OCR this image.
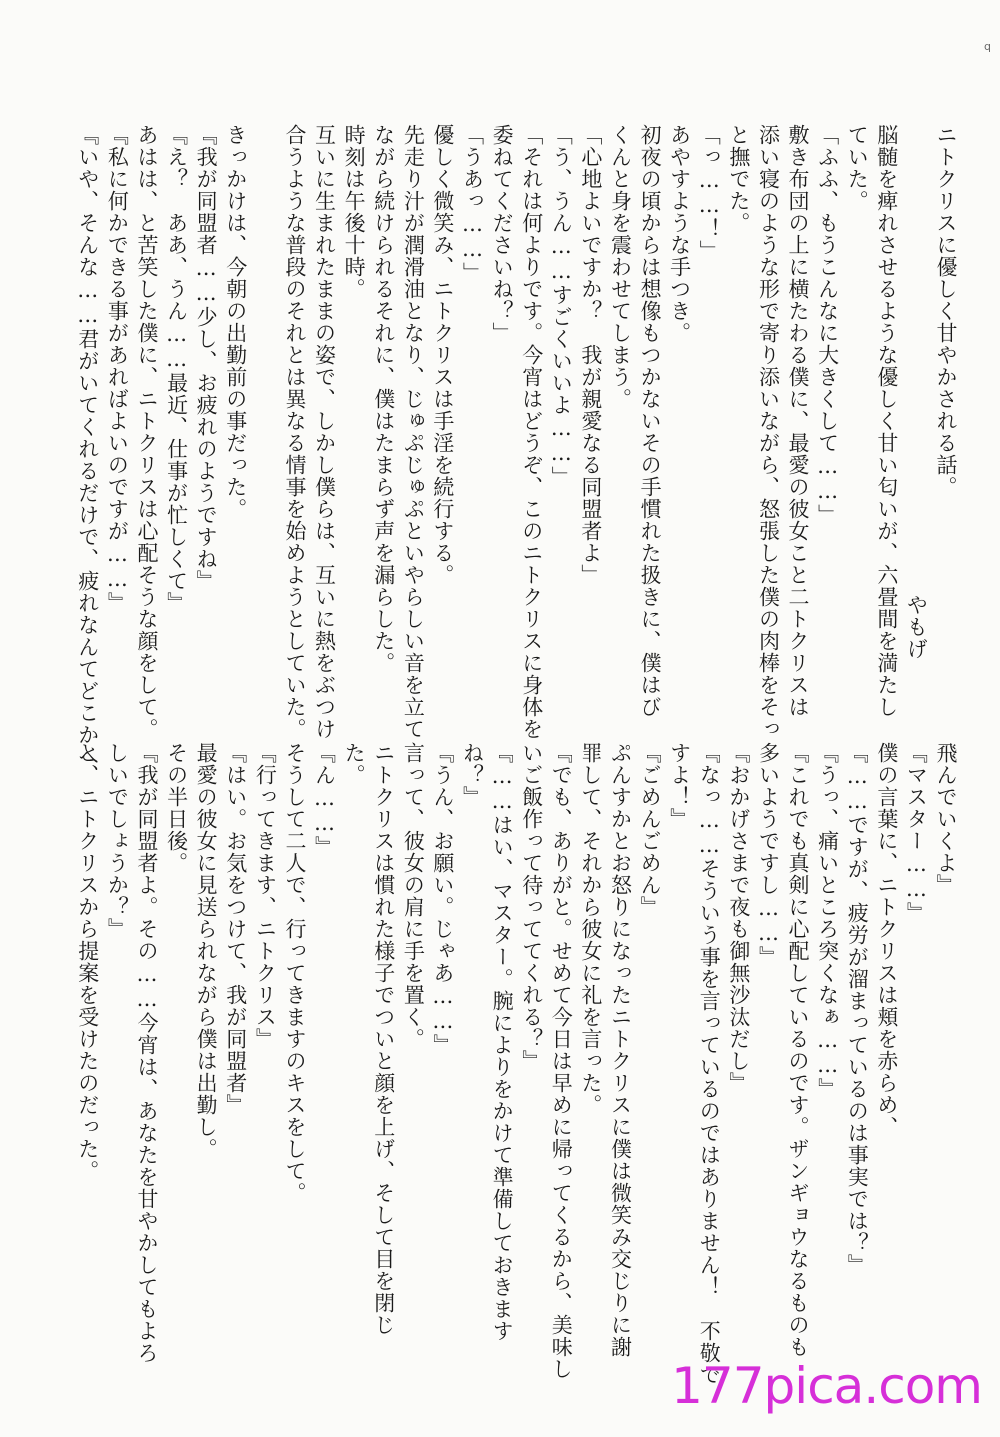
ニトクリスに優しく甘やかされる話。
やもげ
脳髄を痺れさせるような優しく甘い匂いが、六畳間を満たし
ていた。
「ふふ、もうこんなに大きくして……」
敷き布団の上に横たわる僕に、最愛の彼女こと二トクリスは
添い寝のような形で寄り添いながら、怒張した僕の肉棒をそっ
と撫でた。
「っ……！」
あやすような手つき。
初夜の頃からは想像もつかないその手慣れた扱きに、僕はび
くんと身を震わせてしまう。
「心地よいですか？　我が親愛なる同盟者よ」
「う、うん……すごくいいよ……」
「それは何よりです。今宵はどうぞ、このニトクリスに身体を
委ねてくださいね？」
「うあっ……」
優しく微笑み、ニトクリスは手淫を続行する。
先走り汁が潤滑油となり、じゅぷじゅぷといやらしい音を立て
ながら続けられるそれに、僕はたまらず声を漏らした。
時刻は午後十時。
互いに生まれたままの姿で、しかし僕らは、互いに熱をぶつけ
合うような普段のそれとは異なる情事を始めようとしていた。

きっかけは、今朝の出勤前の事だった。
『我が同盟者……少し、お疲れのようですね』
『え？　ああ、うん……最近、仕事が忙しくて』
あはは、と苦笑した僕に、ニトクリスは心配そうな顔をして。
『私に何かできる事があればよいのですが……』
『いや、そんな……君がいてくれるだけで、疲れなんてどこかへ
飛んでいくよ』
『マスター……』
僕の言葉に、ニトクリスは頬を赤らめ、
『……ですが、疲労が溜まっているのは事実では？』
『うっ、痛いところ突くなぁ……』
『これでも真剣に心配しているのです。ザンギョウなるものも
多いようですし……』
『おかげさまで夜も御無沙汰だし』
『なっ……そういう事を言っているのではありません！　不敬で
すよ！』
『ごめんごめん』
ぷんすかとお怒りになったニトクリスに僕は微笑み交じりに謝
罪して、それから彼女に礼を言った。
『でも、ありがと。せめて今日は早めに帰ってくるから、美味し
いご飯作って待っててくれる？』
『……はい、マスター。腕によりをかけて準備しておきます
ね？』
『うん、お願い。じゃあ……』
言って、彼女の肩に手を置く。
ニトクリスは慣れた様子でついと顔を上げ、そして目を閉じ
た。
『ん……』
そうして二人で、行ってきますのキスをして。
『行ってきます、ニトクリス』
『はい。お気をつけて、我が同盟者』
最愛の彼女に見送られながら僕は出勤し。
その半日後。
『我が同盟者よ。その……今宵は、あなたを甘やかしてもよろ
しいでしょうか？』
と、ニトクリスから提案を受けたのだった。
q
177pica.com
